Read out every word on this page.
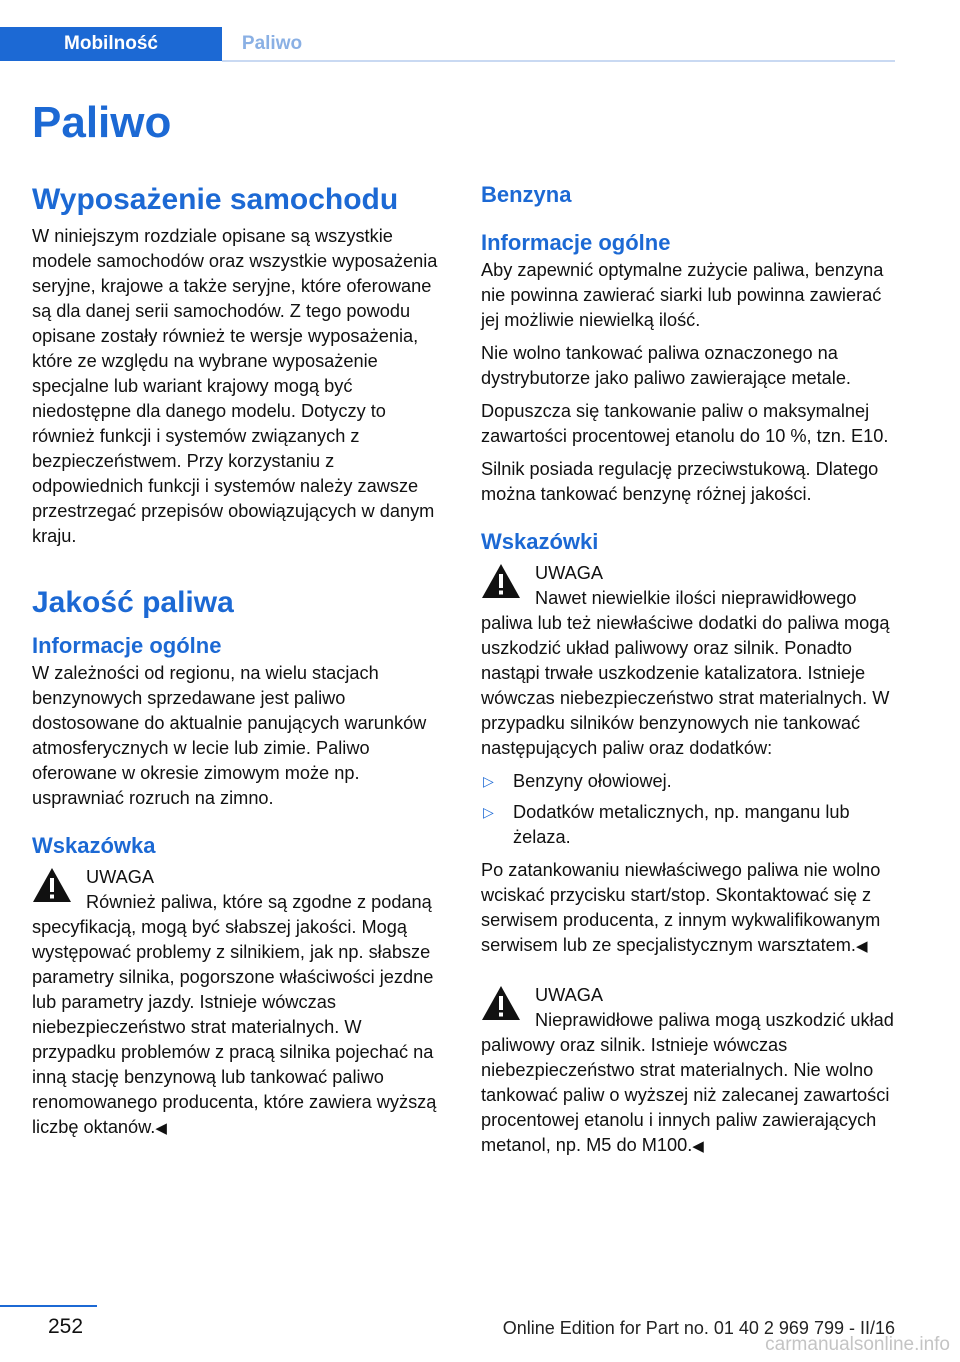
Mobilność	Paliwo
Paliwo
Wyposażenie samochodu

W niniejszym rozdziale opisane są wszystkie modele samochodów oraz wszystkie wyposażenia seryjne, krajowe a także seryjne, które oferowane są dla danej serii samochodów. Z tego powodu opisane zostały również te wersje wyposażenia, które ze względu na wybrane wyposażenie specjalne lub wariant krajowy mogą być niedostępne dla danego modelu. Dotyczy to również funkcji i systemów związanych z bezpieczeństwem. Przy korzystaniu z odpowiednich funkcji i systemów należy zawsze przestrzegać przepisów obowiązujących w danym kraju.

Jakość paliwa
Informacje ogólne

W zależności od regionu, na wielu stacjach benzynowych sprzedawane jest paliwo dostosowane do aktualnie panujących warunków atmosferycznych w lecie lub zimie. Paliwo oferowane w okresie zimowym może np. usprawniać rozruch na zimno.

Wskazówka
UWAGA
Również paliwa, które są zgodne z podaną specyfikacją, mogą być słabszej jakości. Mogą występować problemy z silnikiem, jak np. słabsze parametry silnika, pogorszone właściwości jezdne lub parametry jazdy. Istnieje wówczas niebezpieczeństwo strat materialnych. W przypadku problemów z pracą silnika pojechać na inną stację benzynową lub tankować paliwo renomowanego producenta, które zawiera wyższą liczbę oktanów.◀
Benzyna
Informacje ogólne

Aby zapewnić optymalne zużycie paliwa, benzyna nie powinna zawierać siarki lub powinna zawierać jej możliwie niewielką ilość.

Nie wolno tankować paliwa oznaczonego na dystrybutorze jako paliwo zawierające metale.

Dopuszcza się tankowanie paliw o maksymalnej zawartości procentowej etanolu do 10 %, tzn. E10.

Silnik posiada regulację przeciwstukową. Dlatego można tankować benzynę różnej jakości.

Wskazówki
UWAGA
Nawet niewielkie ilości nieprawidłowego paliwa lub też niewłaściwe dodatki do paliwa mogą uszkodzić układ paliwowy oraz silnik. Ponadto nastąpi trwałe uszkodzenie katalizatora. Istnieje wówczas niebezpieczeństwo strat materialnych. W przypadku silników benzynowych nie tankować następujących paliw oraz dodatków:
▷ Benzyny ołowiowej.
▷ Dodatków metalicznych, np. manganu lub żelaza.

Po zatankowaniu niewłaściwego paliwa nie wolno wciskać przycisku start/stop. Skontaktować się z serwisem producenta, z innym wykwalifikowanym serwisem lub ze specjalistycznym warsztatem.◀

UWAGA
Nieprawidłowe paliwa mogą uszkodzić układ paliwowy oraz silnik. Istnieje wówczas niebezpieczeństwo strat materialnych. Nie wolno tankować paliw o wyższej niż zalecanej zawartości procentowej etanolu i innych paliw zawierających metanol, np. M5 do M100.◀
252	Online Edition for Part no. 01 40 2 969 799 - II/16
carmanualsonline.info
